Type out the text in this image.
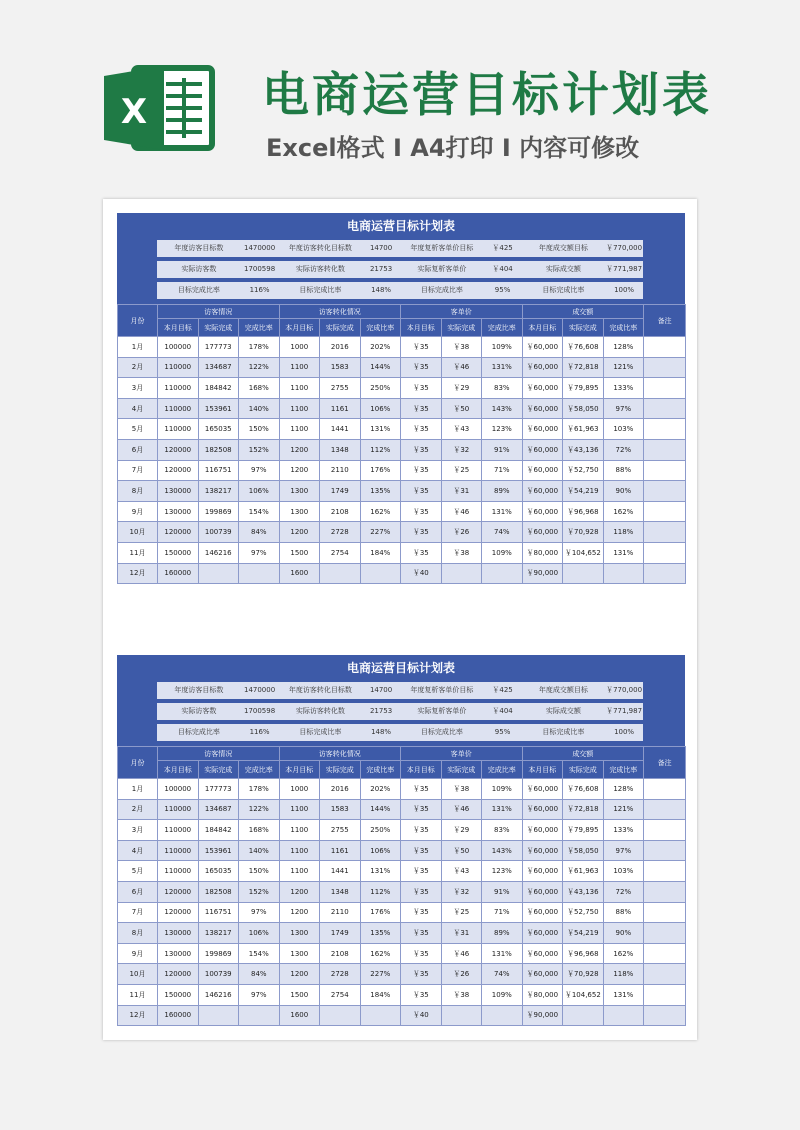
X 电商运营目标计划表
Excel格式 I A4打印 I 内容可修改
电商运营目标计划表
年度访客目标数	1470000	年度访客转化目标数	14700	年度复析客单价目标	￥425	年度成交额目标	￥770,000
实际访客数	1700598	实际访客转化数	21753	实际复析客单价	￥404	实际成交额	￥771,987
目标完成比率	116%	目标完成比率	148%	目标完成比率	95%	目标完成比率	100%
月份	访客情况			访客转化情况			客单价			成交额			备注
	本月目标	实际完成	完成比率	本月目标	实际完成	完成比率	本月目标	实际完成	完成比率	本月目标	实际完成	完成比率	
1月	100000	177773	178%	1000	2016	202%	￥35	￥38	109%	￥60,000	￥76,608	128%	
2月	110000	134687	122%	1100	1583	144%	￥35	￥46	131%	￥60,000	￥72,818	121%	
3月	110000	184842	168%	1100	2755	250%	￥35	￥29	83%	￥60,000	￥79,895	133%	
4月	110000	153961	140%	1100	1161	106%	￥35	￥50	143%	￥60,000	￥58,050	97%	
5月	110000	165035	150%	1100	1441	131%	￥35	￥43	123%	￥60,000	￥61,963	103%	
6月	120000	182508	152%	1200	1348	112%	￥35	￥32	91%	￥60,000	￥43,136	72%	
7月	120000	116751	97%	1200	2110	176%	￥35	￥25	71%	￥60,000	￥52,750	88%	
8月	130000	138217	106%	1300	1749	135%	￥35	￥31	89%	￥60,000	￥54,219	90%	
9月	130000	199869	154%	1300	2108	162%	￥35	￥46	131%	￥60,000	￥96,968	162%	
10月	120000	100739	84%	1200	2728	227%	￥35	￥26	74%	￥60,000	￥70,928	118%	
11月	150000	146216	97%	1500	2754	184%	￥35	￥38	109%	￥80,000	￥104,652	131%	
12月	160000			1600			￥40			￥90,000			
电商运营目标计划表
年度访客目标数	1470000	年度访客转化目标数	14700	年度复析客单价目标	￥425	年度成交额目标	￥770,000
实际访客数	1700598	实际访客转化数	21753	实际复析客单价	￥404	实际成交额	￥771,987
目标完成比率	116%	目标完成比率	148%	目标完成比率	95%	目标完成比率	100%
月份	访客情况			访客转化情况			客单价			成交额			备注
	本月目标	实际完成	完成比率	本月目标	实际完成	完成比率	本月目标	实际完成	完成比率	本月目标	实际完成	完成比率	
1月	100000	177773	178%	1000	2016	202%	￥35	￥38	109%	￥60,000	￥76,608	128%	
2月	110000	134687	122%	1100	1583	144%	￥35	￥46	131%	￥60,000	￥72,818	121%	
3月	110000	184842	168%	1100	2755	250%	￥35	￥29	83%	￥60,000	￥79,895	133%	
4月	110000	153961	140%	1100	1161	106%	￥35	￥50	143%	￥60,000	￥58,050	97%	
5月	110000	165035	150%	1100	1441	131%	￥35	￥43	123%	￥60,000	￥61,963	103%	
6月	120000	182508	152%	1200	1348	112%	￥35	￥32	91%	￥60,000	￥43,136	72%	
7月	120000	116751	97%	1200	2110	176%	￥35	￥25	71%	￥60,000	￥52,750	88%	
8月	130000	138217	106%	1300	1749	135%	￥35	￥31	89%	￥60,000	￥54,219	90%	
9月	130000	199869	154%	1300	2108	162%	￥35	￥46	131%	￥60,000	￥96,968	162%	
10月	120000	100739	84%	1200	2728	227%	￥35	￥26	74%	￥60,000	￥70,928	118%	
11月	150000	146216	97%	1500	2754	184%	￥35	￥38	109%	￥80,000	￥104,652	131%	
12月	160000			1600			￥40			￥90,000			
